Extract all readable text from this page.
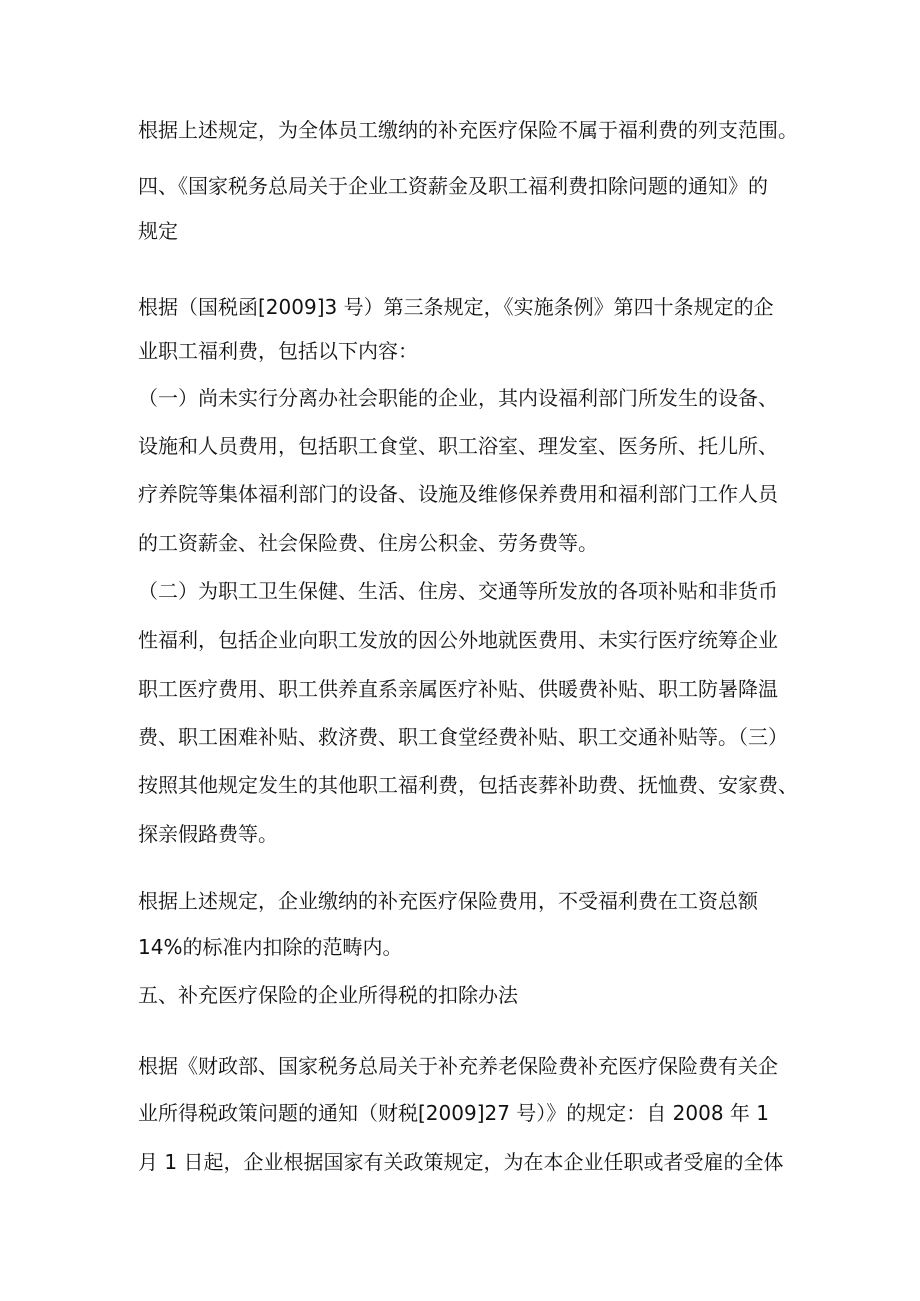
根据上述规定，为全体员工缴纳的补充医疗保险不属于福利费的列支范围。
四、《国家税务总局关于企业工资薪金及职工福利费扣除问题的通知》的
规定
根据（国税函[2009]3 号）第三条规定，《实施条例》第四十条规定的企
业职工福利费，包括以下内容：
（一）尚未实行分离办社会职能的企业，其内设福利部门所发生的设备、
设施和人员费用，包括职工食堂、职工浴室、理发室、医务所、托儿所、
疗养院等集体福利部门的设备、设施及维修保养费用和福利部门工作人员
的工资薪金、社会保险费、住房公积金、劳务费等。
（二）为职工卫生保健、生活、住房、交通等所发放的各项补贴和非货币
性福利，包括企业向职工发放的因公外地就医费用、未实行医疗统筹企业
职工医疗费用、职工供养直系亲属医疗补贴、供暖费补贴、职工防暑降温
费、职工困难补贴、救济费、职工食堂经费补贴、职工交通补贴等。（三）
按照其他规定发生的其他职工福利费，包括丧葬补助费、抚恤费、安家费、
探亲假路费等。
根据上述规定，企业缴纳的补充医疗保险费用，不受福利费在工资总额
14%的标准内扣除的范畴内。
五、补充医疗保险的企业所得税的扣除办法
根据《财政部、国家税务总局关于补充养老保险费补充医疗保险费有关企
业所得税政策问题的通知（财税[2009]27 号）》的规定：自 2008 年 1
月 1 日起，企业根据国家有关政策规定，为在本企业任职或者受雇的全体
